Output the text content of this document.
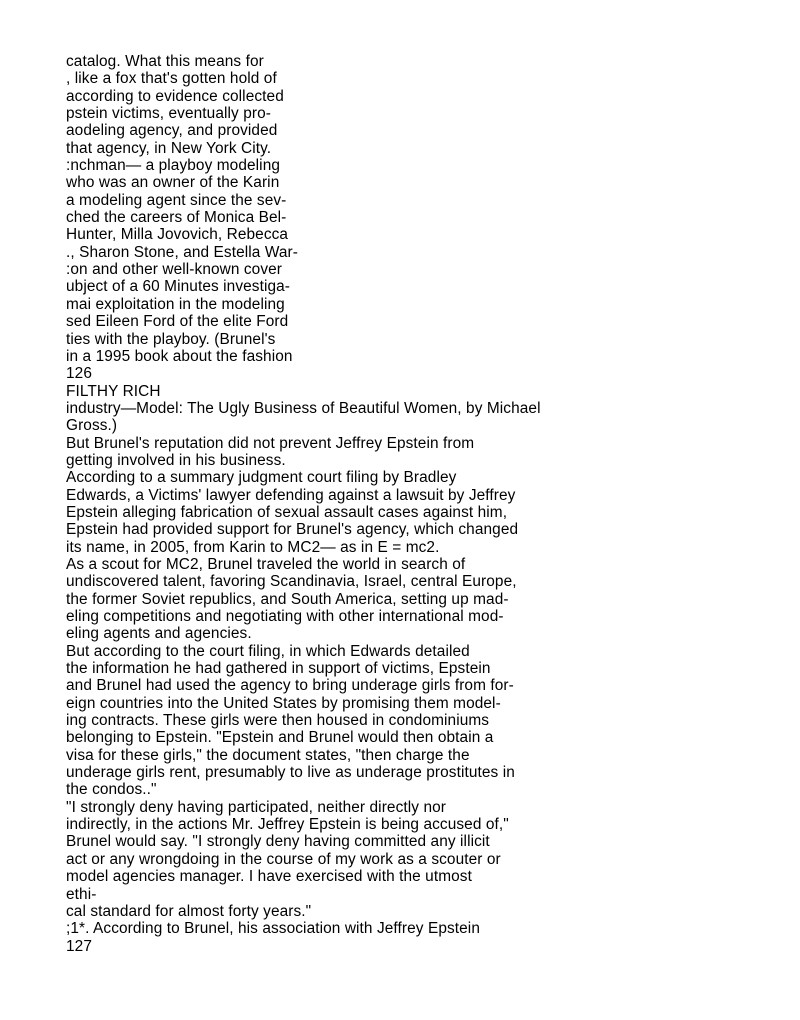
catalog. What this means for
, like a fox that's gotten hold of
according to evidence collected
pstein victims, eventually pro-
aodeling agency, and provided
that agency, in New York City.
:nchman— a playboy modeling
who was an owner of the Karin
a modeling agent since the sev-
ched the careers of Monica Bel-
Hunter, Milla Jovovich, Rebecca
., Sharon Stone, and Estella War-
:on and other well-known cover
ubject of a 60 Minutes investiga-
mai exploitation in the modeling
sed Eileen Ford of the elite Ford
ties with the playboy. (Brunel's
in a 1995 book about the fashion
126
FILTHY RICH
industry—Model: The Ugly Business of Beautiful Women, by Michael
Gross.)
But Brunel's reputation did not prevent Jeffrey Epstein from
getting involved in his business.
According to a summary judgment court filing by Bradley
Edwards, a Victims' lawyer defending against a lawsuit by Jeffrey
Epstein alleging fabrication of sexual assault cases against him,
Epstein had provided support for Brunel's agency, which changed
its name, in 2005, from Karin to MC2— as in E = mc2.
As a scout for MC2, Brunel traveled the world in search of
undiscovered talent, favoring Scandinavia, Israel, central Europe,
the former Soviet republics, and South America, setting up mad-
eling competitions and negotiating with other international mod-
eling agents and agencies.
But according to the court filing, in which Edwards detailed
the information he had gathered in support of victims, Epstein
and Brunel had used the agency to bring underage girls from for-
eign countries into the United States by promising them model-
ing contracts. These girls were then housed in condominiums
belonging to Epstein. "Epstein and Brunel would then obtain a
visa for these girls," the document states, "then charge the
underage girls rent, presumably to live as underage prostitutes in
the condos.."
"I strongly deny having participated, neither directly nor
indirectly, in the actions Mr. Jeffrey Epstein is being accused of,"
Brunel would say. "I strongly deny having committed any illicit
act or any wrongdoing in the course of my work as a scouter or
model agencies manager. I have exercised with the utmost
ethi-
cal standard for almost forty years."
;1*. According to Brunel, his association with Jeffrey Epstein
127
